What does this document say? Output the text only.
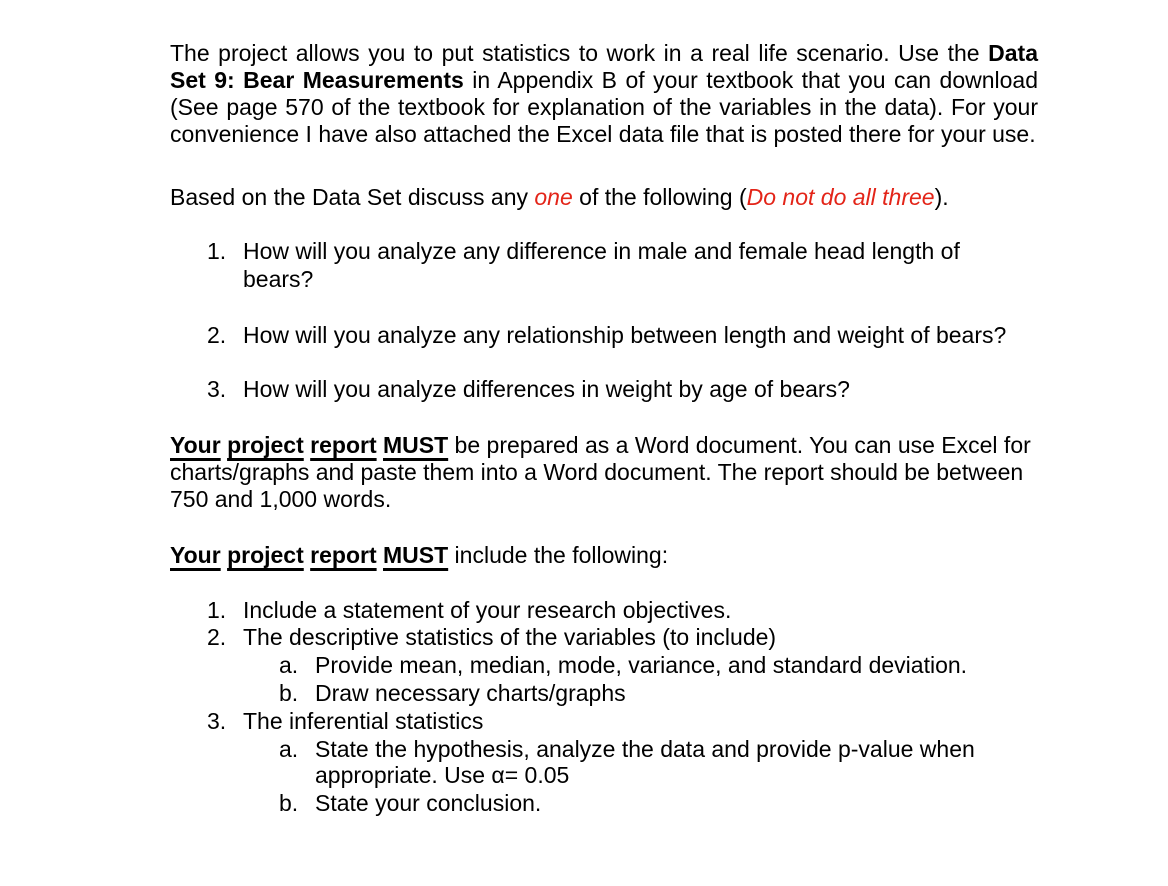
The project allows you to put statistics to work in a real life scenario. Use the Data Set 9: Bear Measurements in Appendix B of your textbook that you can download (See page 570 of the textbook for explanation of the variables in the data). For your convenience I have also attached the Excel data file that is posted there for your use.

Based on the Data Set discuss any one of the following (Do not do all three).

1. How will you analyze any difference in male and female head length of
bears?
2. How will you analyze any relationship between length and weight of bears?
3. How will you analyze differences in weight by age of bears?

Your project report MUST be prepared as a Word document. You can use Excel for charts/graphs and paste them into a Word document. The report should be between 750 and 1,000 words.

Your project report MUST include the following:

1. Include a statement of your research objectives.
2. The descriptive statistics of the variables (to include)
a. Provide mean, median, mode, variance, and standard deviation.
b. Draw necessary charts/graphs
3. The inferential statistics
a. State the hypothesis, analyze the data and provide p-value when
appropriate. Use α= 0.05
b. State your conclusion.
